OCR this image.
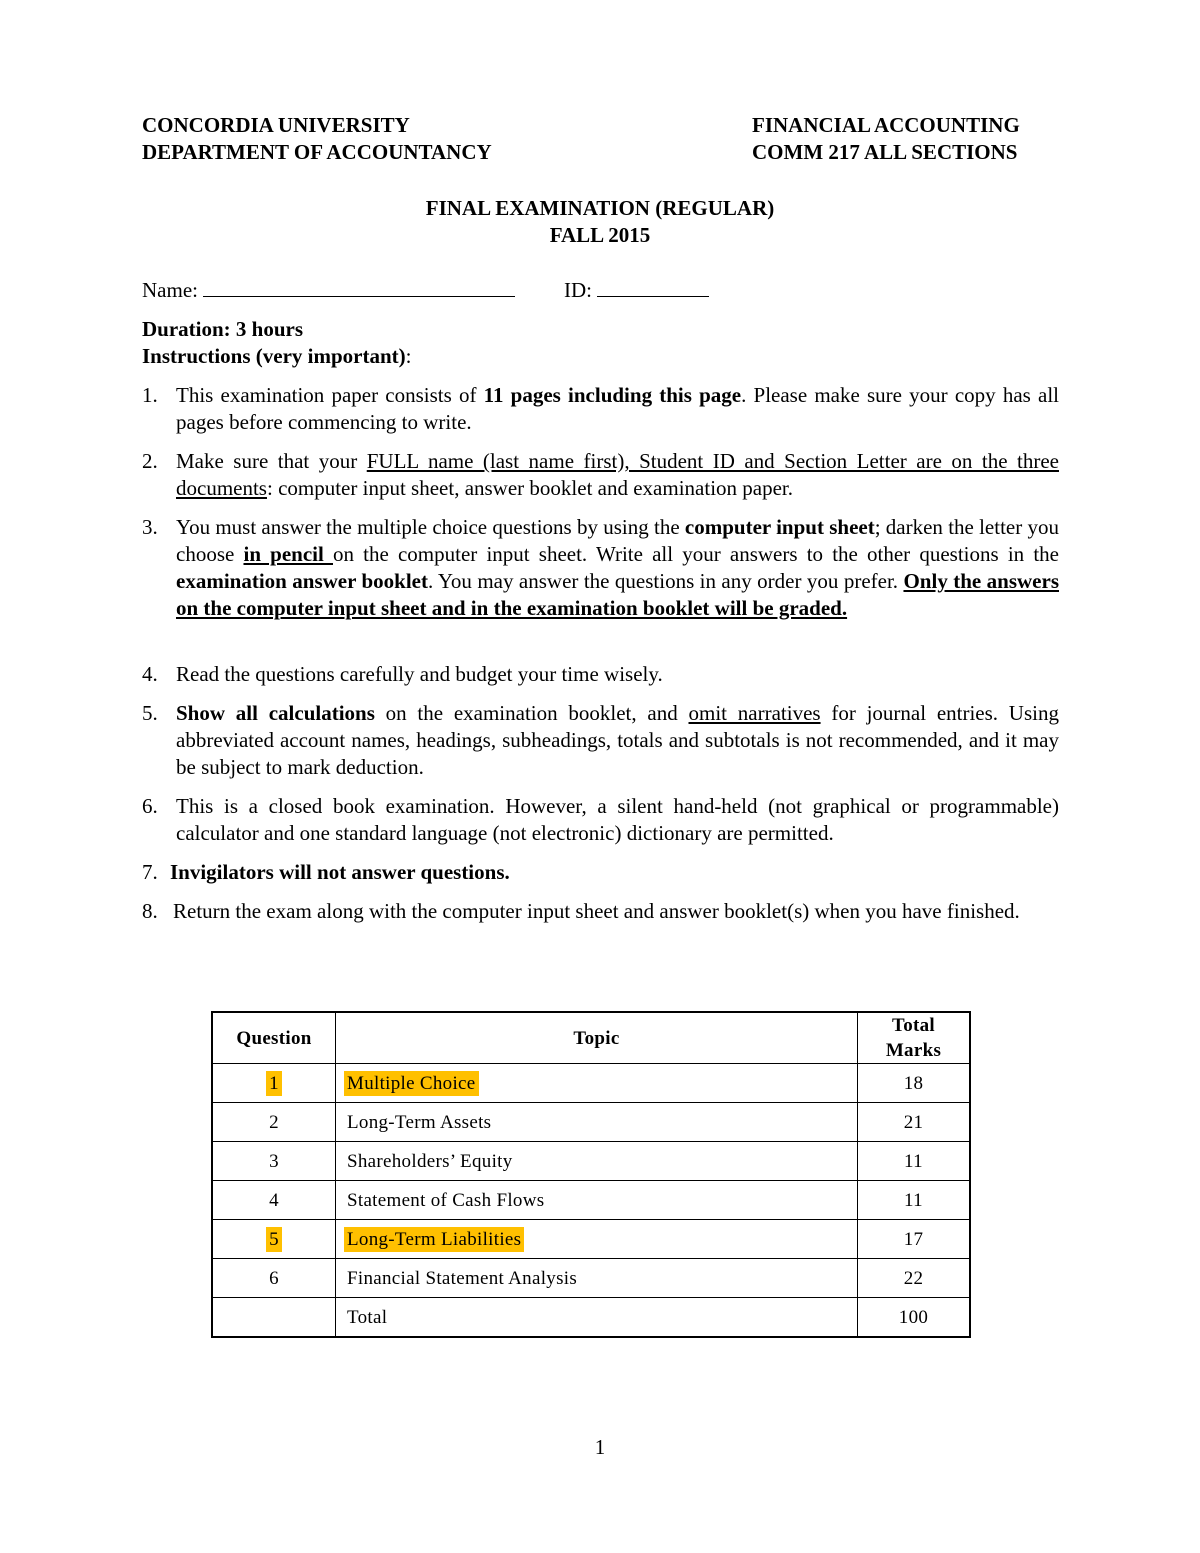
CONCORDIA UNIVERSITY
DEPARTMENT OF ACCOUNTANCY
FINANCIAL ACCOUNTING
COMM 217 ALL SECTIONS
FINAL EXAMINATION (REGULAR)
FALL 2015
Name:	ID:
Duration: 3 hours
Instructions (very important):
1. This examination paper consists of 11 pages including this page. Please make sure your copy has all pages before commencing to write.
2. Make sure that your FULL name (last name first), Student ID and Section Letter are on the three documents: computer input sheet, answer booklet and examination paper.
3. You must answer the multiple choice questions by using the computer input sheet; darken the letter you choose in pencil on the computer input sheet. Write all your answers to the other questions in the examination answer booklet. You may answer the questions in any order you prefer. Only the answers on the computer input sheet and in the examination booklet will be graded.
4. Read the questions carefully and budget your time wisely.
5. Show all calculations on the examination booklet, and omit narratives for journal entries. Using abbreviated account names, headings, subheadings, totals and subtotals is not recommended, and it may be subject to mark deduction.
6. This is a closed book examination. However, a silent hand-held (not graphical or programmable) calculator and one standard language (not electronic) dictionary are permitted.
7. Invigilators will not answer questions.
8. Return the exam along with the computer input sheet and answer booklet(s) when you have finished.
Question	Topic	Total
Marks
1	Multiple Choice	18
2	Long-Term Assets	21
3	Shareholders’ Equity	11
4	Statement of Cash Flows	11
5	Long-Term Liabilities	17
6	Financial Statement Analysis	22
	Total	100
1
